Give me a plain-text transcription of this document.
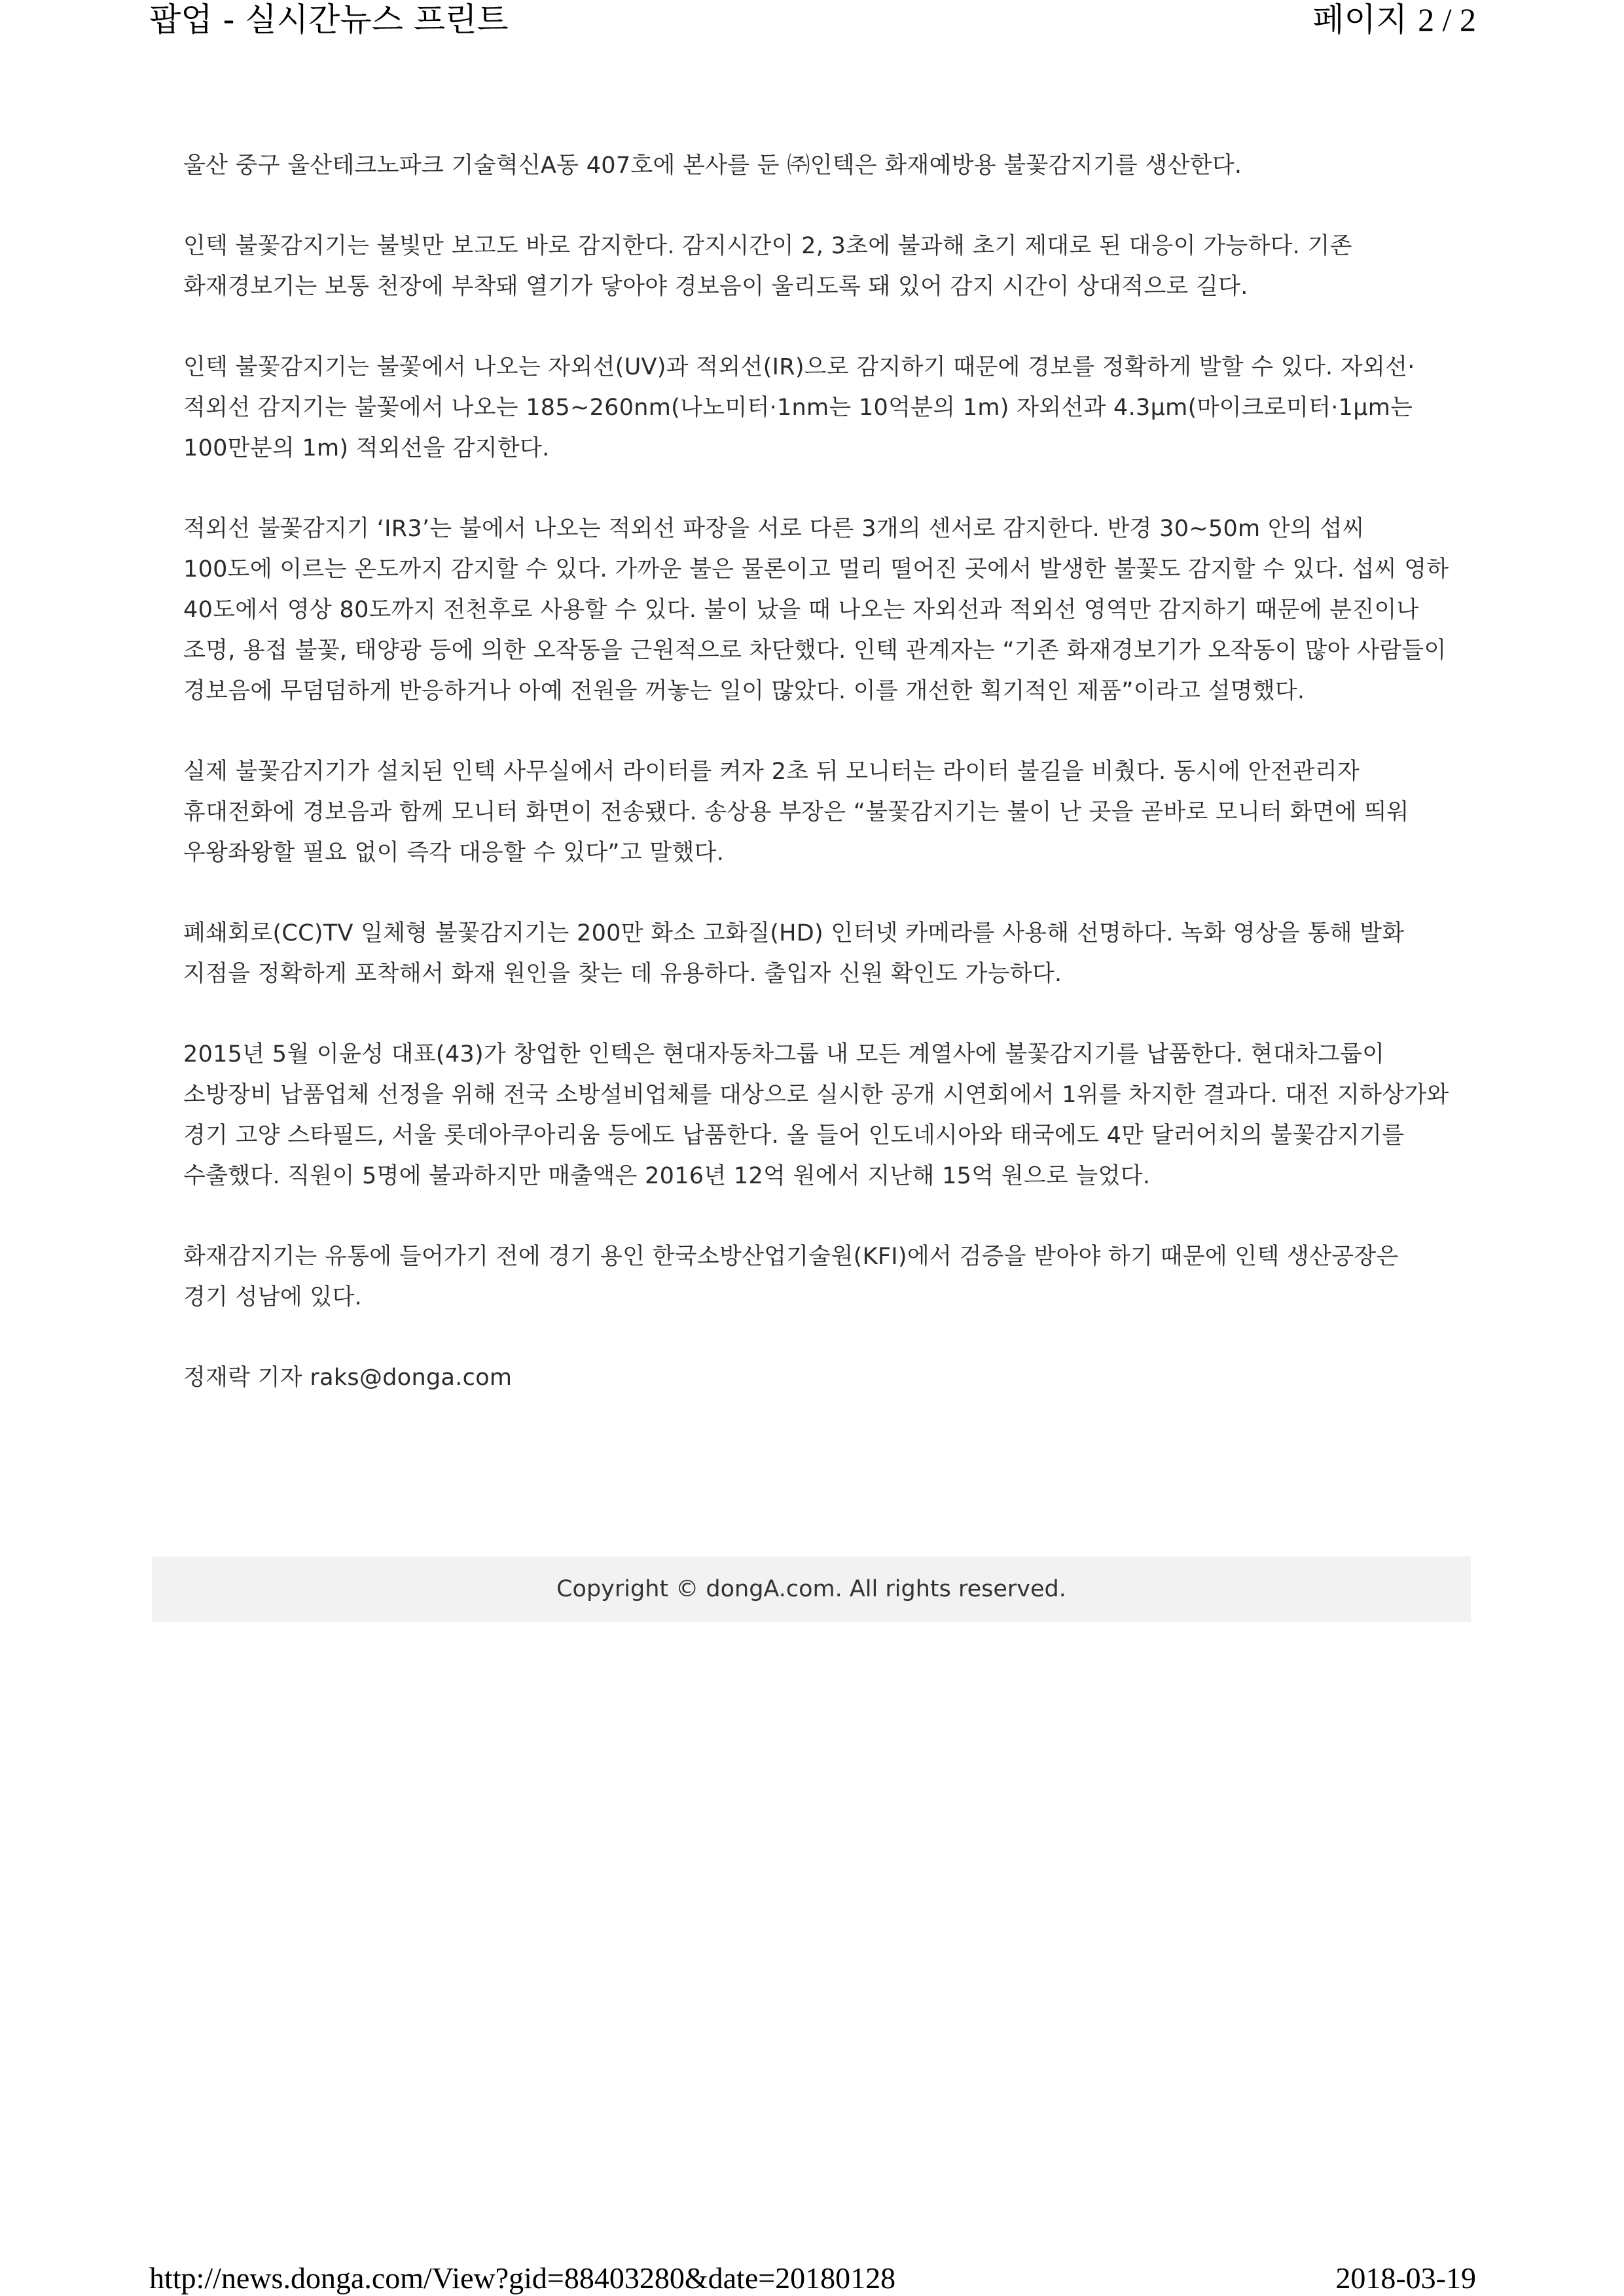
팝업 - 실시간뉴스 프린트	페이지 2 / 2

울산 중구 울산테크노파크 기술혁신A동 407호에 본사를 둔 ㈜인텍은 화재예방용 불꽃감지기를 생산한다.

인텍 불꽃감지기는 불빛만 보고도 바로 감지한다. 감지시간이 2, 3초에 불과해 초기 제대로 된 대응이 가능하다. 기존 화재경보기는 보통 천장에 부착돼 열기가 닿아야 경보음이 울리도록 돼 있어 감지 시간이 상대적으로 길다.

인텍 불꽃감지기는 불꽃에서 나오는 자외선(UV)과 적외선(IR)으로 감지하기 때문에 경보를 정확하게 발할 수 있다. 자외선·적외선 감지기는 불꽃에서 나오는 185∼260nm(나노미터·1nm는 10억분의 1m) 자외선과 4.3μm(마이크로미터·1μm는 100만분의 1m) 적외선을 감지한다.

적외선 불꽃감지기 ‘IR3’는 불에서 나오는 적외선 파장을 서로 다른 3개의 센서로 감지한다. 반경 30∼50m 안의 섭씨 100도에 이르는 온도까지 감지할 수 있다. 가까운 불은 물론이고 멀리 떨어진 곳에서 발생한 불꽃도 감지할 수 있다. 섭씨 영하 40도에서 영상 80도까지 전천후로 사용할 수 있다. 불이 났을 때 나오는 자외선과 적외선 영역만 감지하기 때문에 분진이나 조명, 용접 불꽃, 태양광 등에 의한 오작동을 근원적으로 차단했다. 인텍 관계자는 “기존 화재경보기가 오작동이 많아 사람들이 경보음에 무덤덤하게 반응하거나 아예 전원을 꺼놓는 일이 많았다. 이를 개선한 획기적인 제품”이라고 설명했다.

실제 불꽃감지기가 설치된 인텍 사무실에서 라이터를 켜자 2초 뒤 모니터는 라이터 불길을 비췄다. 동시에 안전관리자 휴대전화에 경보음과 함께 모니터 화면이 전송됐다. 송상용 부장은 “불꽃감지기는 불이 난 곳을 곧바로 모니터 화면에 띄워 우왕좌왕할 필요 없이 즉각 대응할 수 있다”고 말했다.

폐쇄회로(CC)TV 일체형 불꽃감지기는 200만 화소 고화질(HD) 인터넷 카메라를 사용해 선명하다. 녹화 영상을 통해 발화 지점을 정확하게 포착해서 화재 원인을 찾는 데 유용하다. 출입자 신원 확인도 가능하다.

2015년 5월 이윤성 대표(43)가 창업한 인텍은 현대자동차그룹 내 모든 계열사에 불꽃감지기를 납품한다. 현대차그룹이 소방장비 납품업체 선정을 위해 전국 소방설비업체를 대상으로 실시한 공개 시연회에서 1위를 차지한 결과다. 대전 지하상가와 경기 고양 스타필드, 서울 롯데아쿠아리움 등에도 납품한다. 올 들어 인도네시아와 태국에도 4만 달러어치의 불꽃감지기를 수출했다. 직원이 5명에 불과하지만 매출액은 2016년 12억 원에서 지난해 15억 원으로 늘었다.

화재감지기는 유통에 들어가기 전에 경기 용인 한국소방산업기술원(KFI)에서 검증을 받아야 하기 때문에 인텍 생산공장은 경기 성남에 있다.

정재락 기자 raks@donga.com

Copyright © dongA.com. All rights reserved.
http://news.donga.com/View?gid=88403280&date=20180128	2018-03-19
